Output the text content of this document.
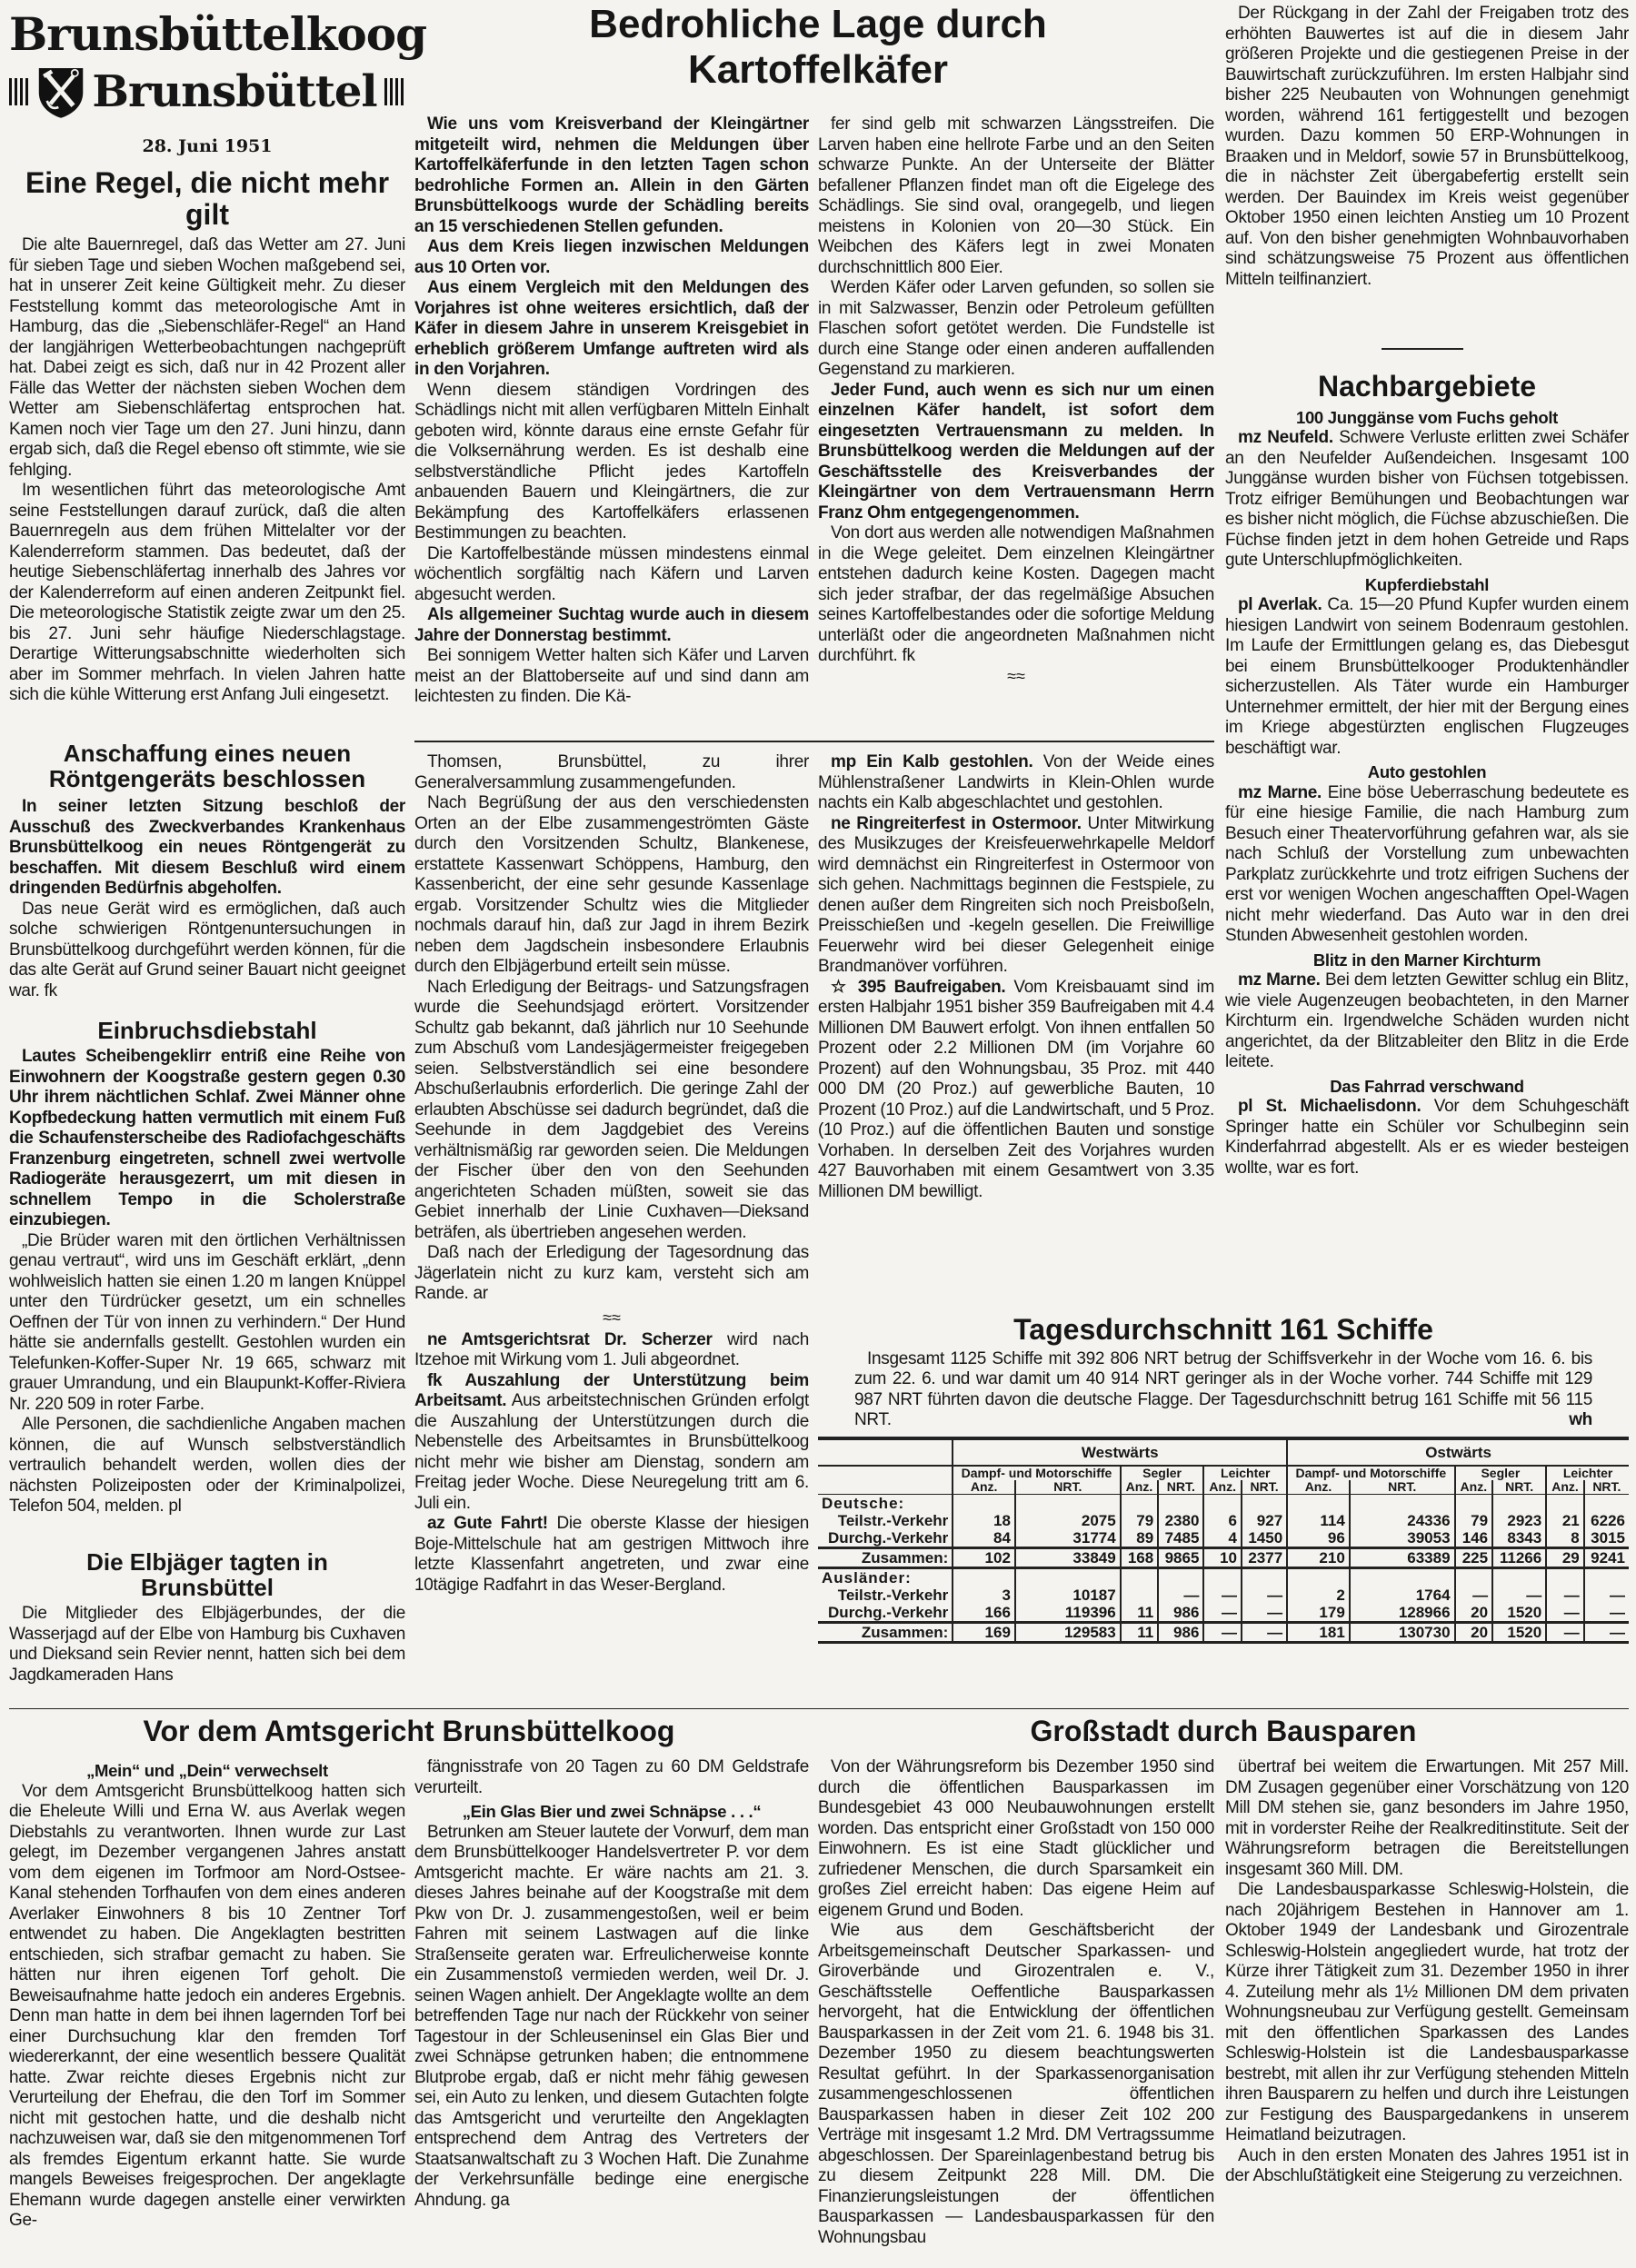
Brunsbüttelkoog
Brunsbüttel
28. Juni 1951
Eine Regel, die nicht mehr gilt

Die alte Bauernregel, daß das Wetter am 27. Juni für sieben Tage und sieben Wochen maßgebend sei, hat in unserer Zeit keine Gültigkeit mehr. Zu dieser Feststellung kommt das meteorologische Amt in Hamburg, das die „Siebenschläfer-Regel“ an Hand der langjährigen Wetterbeobachtungen nachgeprüft hat. Dabei zeigt es sich, daß nur in 42 Prozent aller Fälle das Wetter der nächsten sieben Wochen dem Wetter am Siebenschläfertag entsprochen hat. Kamen noch vier Tage um den 27. Juni hinzu, dann ergab sich, daß die Regel ebenso oft stimmte, wie sie fehlging.

Im wesentlichen führt das meteorologische Amt seine Feststellungen darauf zurück, daß die alten Bauernregeln aus dem frühen Mittelalter vor der Kalenderreform stammen. Das bedeutet, daß der heutige Siebenschläfertag innerhalb des Jahres vor der Kalenderreform auf einen anderen Zeitpunkt fiel. Die meteorologische Statistik zeigte zwar um den 25. bis 27. Juni sehr häufige Niederschlagstage. Derartige Witterungsabschnitte wiederholten sich aber im Sommer mehrfach. In vielen Jahren hatte sich die kühle Witterung erst Anfang Juli eingesetzt.

Anschaffung eines neuen Röntgengeräts beschlossen

In seiner letzten Sitzung beschloß der Ausschuß des Zweckverbandes Krankenhaus Brunsbüttelkoog ein neues Röntgengerät zu beschaffen. Mit diesem Beschluß wird einem dringenden Bedürfnis abgeholfen.

Das neue Gerät wird es ermöglichen, daß auch solche schwierigen Röntgenuntersuchungen in Brunsbüttelkoog durchgeführt werden können, für die das alte Gerät auf Grund seiner Bauart nicht geeignet war. fk

Einbruchsdiebstahl

Lautes Scheibengeklirr entriß eine Reihe von Einwohnern der Koogstraße gestern gegen 0.30 Uhr ihrem nächtlichen Schlaf. Zwei Männer ohne Kopfbedeckung hatten vermutlich mit einem Fuß die Schaufensterscheibe des Radiofachgeschäfts Franzenburg eingetreten, schnell zwei wertvolle Radiogeräte herausgezerrt, um mit diesen in schnellem Tempo in die Scholerstraße einzubiegen.

„Die Brüder waren mit den örtlichen Verhältnissen genau vertraut“, wird uns im Geschäft erklärt, „denn wohlweislich hatten sie einen 1.20 m langen Knüppel unter den Türdrücker gesetzt, um ein schnelles Oeffnen der Tür von innen zu verhindern.“ Der Hund hätte sie andernfalls gestellt. Gestohlen wurden ein Telefunken-Koffer-Super Nr. 19 665, schwarz mit grauer Umrandung, und ein Blaupunkt-Koffer-Riviera Nr. 220 509 in roter Farbe.

Alle Personen, die sachdienliche Angaben machen können, die auf Wunsch selbstverständlich vertraulich behandelt werden, wollen dies der nächsten Polizeiposten oder der Kriminalpolizei, Telefon 504, melden. pl

Die Elbjäger tagten in Brunsbüttel

Die Mitglieder des Elbjägerbundes, der die Wasserjagd auf der Elbe von Hamburg bis Cuxhaven und Dieksand sein Revier nennt, hatten sich bei dem Jagdkameraden Hans

Bedrohliche Lage durch Kartoffelkäfer

Wie uns vom Kreisverband der Kleingärtner mitgeteilt wird, nehmen die Meldungen über Kartoffelkäferfunde in den letzten Tagen schon bedrohliche Formen an. Allein in den Gärten Brunsbüttelkoogs wurde der Schädling bereits an 15 verschiedenen Stellen gefunden.

Aus dem Kreis liegen inzwischen Meldungen aus 10 Orten vor.

Aus einem Vergleich mit den Meldungen des Vorjahres ist ohne weiteres ersichtlich, daß der Käfer in diesem Jahre in unserem Kreisgebiet in erheblich größerem Umfange auftreten wird als in den Vorjahren.

Wenn diesem ständigen Vordringen des Schädlings nicht mit allen verfügbaren Mitteln Einhalt geboten wird, könnte daraus eine ernste Gefahr für die Volksernährung werden. Es ist deshalb eine selbstverständliche Pflicht jedes Kartoffeln anbauenden Bauern und Kleingärtners, die zur Bekämpfung des Kartoffelkäfers erlassenen Bestimmungen zu beachten.

Die Kartoffelbestände müssen mindestens einmal wöchentlich sorgfältig nach Käfern und Larven abgesucht werden.

Als allgemeiner Suchtag wurde auch in diesem Jahre der Donnerstag bestimmt.

Bei sonnigem Wetter halten sich Käfer und Larven meist an der Blattoberseite auf und sind dann am leichtesten zu finden. Die Kä-

fer sind gelb mit schwarzen Längsstreifen. Die Larven haben eine hellrote Farbe und an den Seiten schwarze Punkte. An der Unterseite der Blätter befallener Pflanzen findet man oft die Eigelege des Schädlings. Sie sind oval, orangegelb, und liegen meistens in Kolonien von 20—30 Stück. Ein Weibchen des Käfers legt in zwei Monaten durchschnittlich 800 Eier.

Werden Käfer oder Larven gefunden, so sollen sie in mit Salzwasser, Benzin oder Petroleum gefüllten Flaschen sofort getötet werden. Die Fundstelle ist durch eine Stange oder einen anderen auffallenden Gegenstand zu markieren.

Jeder Fund, auch wenn es sich nur um einen einzelnen Käfer handelt, ist sofort dem eingesetzten Vertrauensmann zu melden. In Brunsbüttelkoog werden die Meldungen auf der Geschäftsstelle des Kreisverbandes der Kleingärtner von dem Vertrauensmann Herrn Franz Ohm entgegengenommen.

Von dort aus werden alle notwendigen Maßnahmen in die Wege geleitet. Dem einzelnen Kleingärtner entstehen dadurch keine Kosten. Dagegen macht sich jeder strafbar, der das regelmäßige Absuchen seines Kartoffelbestandes oder die sofortige Meldung unterläßt oder die angeordneten Maßnahmen nicht durchführt. fk

≈≈

Thomsen, Brunsbüttel, zu ihrer Generalversammlung zusammengefunden.

Nach Begrüßung der aus den verschiedensten Orten an der Elbe zusammengeströmten Gäste durch den Vorsitzenden Schultz, Blankenese, erstattete Kassenwart Schöppens, Hamburg, den Kassenbericht, der eine sehr gesunde Kassenlage ergab. Vorsitzender Schultz wies die Mitglieder nochmals darauf hin, daß zur Jagd in ihrem Bezirk neben dem Jagdschein insbesondere Erlaubnis durch den Elbjägerbund erteilt sein müsse.

Nach Erledigung der Beitrags- und Satzungsfragen wurde die Seehundsjagd erörtert. Vorsitzender Schultz gab bekannt, daß jährlich nur 10 Seehunde zum Abschuß vom Landesjägermeister freigegeben seien. Selbstverständlich sei eine besondere Abschußerlaubnis erforderlich. Die geringe Zahl der erlaubten Abschüsse sei dadurch begründet, daß die Seehunde in dem Jagdgebiet des Vereins verhältnismäßig rar geworden seien. Die Meldungen der Fischer über den von den Seehunden angerichteten Schaden müßten, soweit sie das Gebiet innerhalb der Linie Cuxhaven—Dieksand beträfen, als übertrieben angesehen werden.

Daß nach der Erledigung der Tagesordnung das Jägerlatein nicht zu kurz kam, versteht sich am Rande. ar

≈≈

ne Amtsgerichtsrat Dr. Scherzer wird nach Itzehoe mit Wirkung vom 1. Juli abgeordnet.

fk Auszahlung der Unterstützung beim Arbeitsamt. Aus arbeitstechnischen Gründen erfolgt die Auszahlung der Unterstützungen durch die Nebenstelle des Arbeitsamtes in Brunsbüttelkoog nicht mehr wie bisher am Dienstag, sondern am Freitag jeder Woche. Diese Neuregelung tritt am 6. Juli ein.

az Gute Fahrt! Die oberste Klasse der hiesigen Boje-Mittelschule hat am gestrigen Mittwoch ihre letzte Klassenfahrt angetreten, und zwar eine 10tägige Radfahrt in das Weser-Bergland.

mp Ein Kalb gestohlen. Von der Weide eines Mühlenstraßener Landwirts in Klein-Ohlen wurde nachts ein Kalb abgeschlachtet und gestohlen.

ne Ringreiterfest in Ostermoor. Unter Mitwirkung des Musikzuges der Kreisfeuerwehrkapelle Meldorf wird demnächst ein Ringreiterfest in Ostermoor von sich gehen. Nachmittags beginnen die Festspiele, zu denen außer dem Ringreiten sich noch Preisboßeln, Preisschießen und -kegeln gesellen. Die Freiwillige Feuerwehr wird bei dieser Gelegenheit einige Brandmanöver vorführen.

☆ 395 Baufreigaben. Vom Kreisbauamt sind im ersten Halbjahr 1951 bisher 359 Baufreigaben mit 4.4 Millionen DM Bauwert erfolgt. Von ihnen entfallen 50 Prozent oder 2.2 Millionen DM (im Vorjahre 60 Prozent) auf den Wohnungsbau, 35 Proz. mit 440 000 DM (20 Proz.) auf gewerbliche Bauten, 10 Prozent (10 Proz.) auf die Landwirtschaft, und 5 Proz. (10 Proz.) auf die öffentlichen Bauten und sonstige Vorhaben. In derselben Zeit des Vorjahres wurden 427 Bauvorhaben mit einem Gesamtwert von 3.35 Millionen DM bewilligt.

Der Rückgang in der Zahl der Freigaben trotz des erhöhten Bauwertes ist auf die in diesem Jahr größeren Projekte und die gestiegenen Preise in der Bauwirtschaft zurückzuführen. Im ersten Halbjahr sind bisher 225 Neubauten von Wohnungen genehmigt worden, während 161 fertiggestellt und bezogen wurden. Dazu kommen 50 ERP-Wohnungen in Braaken und in Meldorf, sowie 57 in Brunsbüttelkoog, die in nächster Zeit übergabefertig erstellt sein werden. Der Bauindex im Kreis weist gegenüber Oktober 1950 einen leichten Anstieg um 10 Prozent auf. Von den bisher genehmigten Wohnbauvorhaben sind schätzungsweise 75 Prozent aus öffentlichen Mitteln teilfinanziert.

Nachbargebiete

100 Junggänse vom Fuchs geholt

mz Neufeld. Schwere Verluste erlitten zwei Schäfer an den Neufelder Außendeichen. Insgesamt 100 Junggänse wurden bisher von Füchsen totgebissen. Trotz eifriger Bemühungen und Beobachtungen war es bisher nicht möglich, die Füchse abzuschießen. Die Füchse finden jetzt in dem hohen Getreide und Raps gute Unterschlupfmöglichkeiten.

Kupferdiebstahl

pl Averlak. Ca. 15—20 Pfund Kupfer wurden einem hiesigen Landwirt von seinem Bodenraum gestohlen. Im Laufe der Ermittlungen gelang es, das Diebesgut bei einem Brunsbüttelkooger Produktenhändler sicherzustellen. Als Täter wurde ein Hamburger Unternehmer ermittelt, der hier mit der Bergung eines im Kriege abgestürzten englischen Flugzeuges beschäftigt war.

Auto gestohlen

mz Marne. Eine böse Ueberraschung bedeutete es für eine hiesige Familie, die nach Hamburg zum Besuch einer Theatervorführung gefahren war, als sie nach Schluß der Vorstellung zum unbewachten Parkplatz zurückkehrte und trotz eifrigen Suchens der erst vor wenigen Wochen angeschafften Opel-Wagen nicht mehr wiederfand. Das Auto war in den drei Stunden Abwesenheit gestohlen worden.

Blitz in den Marner Kirchturm

mz Marne. Bei dem letzten Gewitter schlug ein Blitz, wie viele Augenzeugen beobachteten, in den Marner Kirchturm ein. Irgendwelche Schäden wurden nicht angerichtet, da der Blitzableiter den Blitz in die Erde leitete.

Das Fahrrad verschwand

pl St. Michaelisdonn. Vor dem Schuhgeschäft Springer hatte ein Schüler vor Schulbeginn sein Kinderfahrrad abgestellt. Als er es wieder besteigen wollte, war es fort.

Tagesdurchschnitt 161 Schiffe

Insgesamt 1125 Schiffe mit 392 806 NRT betrug der Schiffsverkehr in der Woche vom 16. 6. bis zum 22. 6. und war damit um 40 914 NRT geringer als in der Woche vorher. 744 Schiffe mit 129 987 NRT führten davon die deutsche Flagge. Der Tagesdurchschnitt betrug 161 Schiffe mit 56 115 NRT.	wh

	Westwärts						Ostwärts					
	Dampf- und Motorschiffe		Segler		Leichter		Dampf- und Motorschiffe		Segler		Leichter	
	Anz.	NRT.	Anz.	NRT.	Anz.	NRT.	Anz.	NRT.	Anz.	NRT.	Anz.	NRT.
Deutsche:												
Teilstr.-Verkehr	18	2075	79	2380	6	927	114	24336	79	2923	21	6226
Durchg.-Verkehr	84	31774	89	7485	4	1450	96	39053	146	8343	8	3015
Zusammen:	102	33849	168	9865	10	2377	210	63389	225	11266	29	9241
Ausländer:												
Teilstr.-Verkehr	3	10187		—	—	—	2	1764	—	—	—	—
Durchg.-Verkehr	166	119396	11	986	—	—	179	128966	20	1520	—	—
Zusammen:	169	129583	11	986	—	—	181	130730	20	1520	—	—
Vor dem Amtsgericht Brunsbüttelkoog

„Mein“ und „Dein“ verwechselt

Vor dem Amtsgericht Brunsbüttelkoog hatten sich die Eheleute Willi und Erna W. aus Averlak wegen Diebstahls zu verantworten. Ihnen wurde zur Last gelegt, im Dezember vergangenen Jahres anstatt vom dem eigenen im Torfmoor am Nord-Ostsee-Kanal stehenden Torfhaufen von dem eines anderen Averlaker Einwohners 8 bis 10 Zentner Torf entwendet zu haben. Die Angeklagten bestritten entschieden, sich strafbar gemacht zu haben. Sie hätten nur ihren eigenen Torf geholt. Die Beweisaufnahme hatte jedoch ein anderes Ergebnis. Denn man hatte in dem bei ihnen lagernden Torf bei einer Durchsuchung klar den fremden Torf wiedererkannt, der eine wesentlich bessere Qualität hatte. Zwar reichte dieses Ergebnis nicht zur Verurteilung der Ehefrau, die den Torf im Sommer nicht mit gestochen hatte, und die deshalb nicht nachzuweisen war, daß sie den mitgenommenen Torf als fremdes Eigentum erkannt hatte. Sie wurde mangels Beweises freigesprochen. Der angeklagte Ehemann wurde dagegen anstelle einer verwirkten Ge-

fängnisstrafe von 20 Tagen zu 60 DM Geldstrafe verurteilt.

„Ein Glas Bier und zwei Schnäpse . . .“

Betrunken am Steuer lautete der Vorwurf, dem man dem Brunsbüttelkooger Handelsvertreter P. vor dem Amtsgericht machte. Er wäre nachts am 21. 3. dieses Jahres beinahe auf der Koogstraße mit dem Pkw von Dr. J. zusammengestoßen, weil er beim Fahren mit seinem Lastwagen auf die linke Straßenseite geraten war. Erfreulicherweise konnte ein Zusammenstoß vermieden werden, weil Dr. J. seinen Wagen anhielt. Der Angeklagte wollte an dem betreffenden Tage nur nach der Rückkehr von seiner Tagestour in der Schleuseninsel ein Glas Bier und zwei Schnäpse getrunken haben; die entnommene Blutprobe ergab, daß er nicht mehr fähig gewesen sei, ein Auto zu lenken, und diesem Gutachten folgte das Amtsgericht und verurteilte den Angeklagten entsprechend dem Antrag des Vertreters der Staatsanwaltschaft zu 3 Wochen Haft. Die Zunahme der Verkehrsunfälle bedinge eine energische Ahndung. ga

Großstadt durch Bausparen

Von der Währungsreform bis Dezember 1950 sind durch die öffentlichen Bausparkassen im Bundesgebiet 43 000 Neubauwohnungen erstellt worden. Das entspricht einer Großstadt von 150 000 Einwohnern. Es ist eine Stadt glücklicher und zufriedener Menschen, die durch Sparsamkeit ein großes Ziel erreicht haben: Das eigene Heim auf eigenem Grund und Boden.

Wie aus dem Geschäftsbericht der Arbeitsgemeinschaft Deutscher Sparkassen- und Giroverbände und Girozentralen e. V., Geschäftsstelle Oeffentliche Bausparkassen hervorgeht, hat die Entwicklung der öffentlichen Bausparkassen in der Zeit vom 21. 6. 1948 bis 31. Dezember 1950 zu diesem beachtungswerten Resultat geführt. In der Sparkassenorganisation zusammengeschlossenen öffentlichen Bausparkassen haben in dieser Zeit 102 200 Verträge mit insgesamt 1.2 Mrd. DM Vertragssumme abgeschlossen. Der Spareinlagenbestand betrug bis zu diesem Zeitpunkt 228 Mill. DM. Die Finanzierungsleistungen der öffentlichen Bausparkassen — Landesbausparkassen für den Wohnungsbau

übertraf bei weitem die Erwartungen. Mit 257 Mill. DM Zusagen gegenüber einer Vorschätzung von 120 Mill DM stehen sie, ganz besonders im Jahre 1950, mit in vorderster Reihe der Realkreditinstitute. Seit der Währungsreform betragen die Bereitstellungen insgesamt 360 Mill. DM.

Die Landesbausparkasse Schleswig-Holstein, die nach 20jährigem Bestehen in Hannover am 1. Oktober 1949 der Landesbank und Girozentrale Schleswig-Holstein angegliedert wurde, hat trotz der Kürze ihrer Tätigkeit zum 31. Dezember 1950 in ihrer 4. Zuteilung mehr als 1½ Millionen DM dem privaten Wohnungsneubau zur Verfügung gestellt. Gemeinsam mit den öffentlichen Sparkassen des Landes Schleswig-Holstein ist die Landesbausparkasse bestrebt, mit allen ihr zur Verfügung stehenden Mitteln ihren Bausparern zu helfen und durch ihre Leistungen zur Festigung des Bauspargedankens in unserem Heimatland beizutragen.

Auch in den ersten Monaten des Jahres 1951 ist in der Abschlußtätigkeit eine Steigerung zu verzeichnen.
